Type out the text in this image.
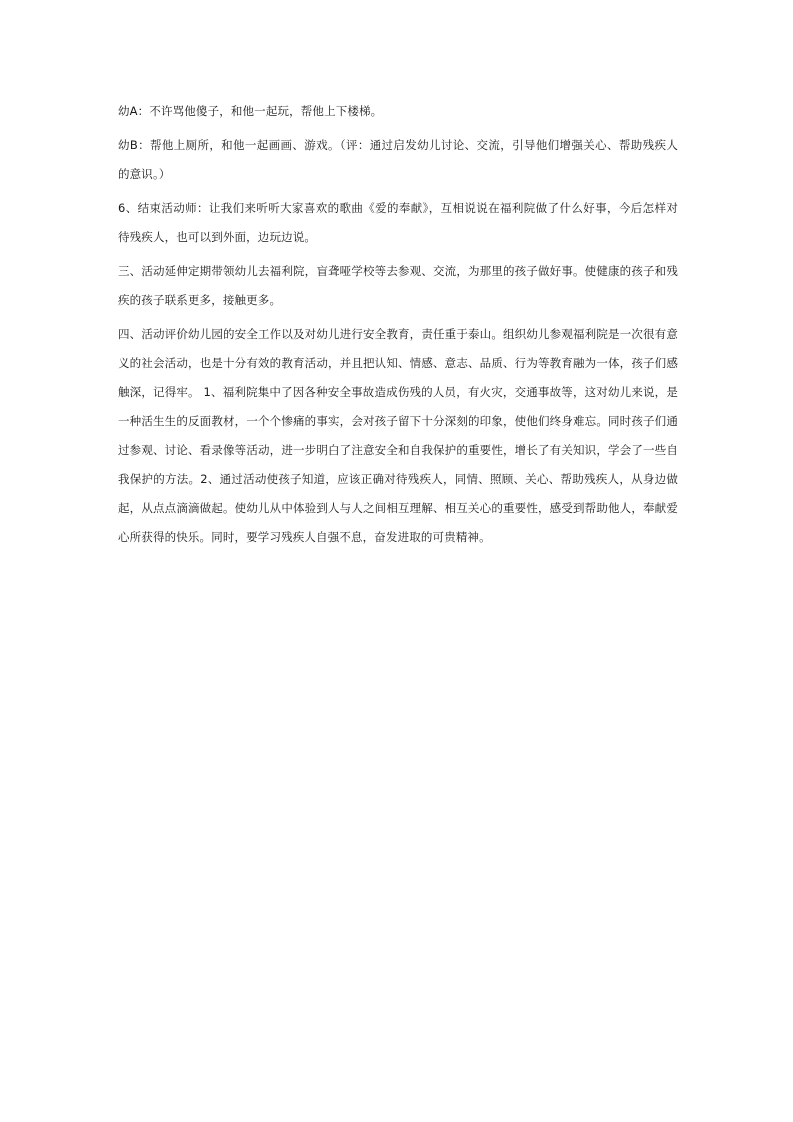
幼A：不许骂他傻子，和他一起玩，帮他上下楼梯。

幼B：帮他上厕所，和他一起画画、游戏。（评：通过启发幼儿讨论、交流，引导他们增强关心、帮助残疾人的意识。）

6、结束活动师：让我们来听听大家喜欢的歌曲《爱的奉献》，互相说说在福利院做了什么好事，今后怎样对待残疾人，也可以到外面，边玩边说。

三、活动延伸定期带领幼儿去福利院，盲聋哑学校等去参观、交流，为那里的孩子做好事。使健康的孩子和残疾的孩子联系更多，接触更多。

四、活动评价幼儿园的安全工作以及对幼儿进行安全教育，责任重于泰山。组织幼儿参观福利院是一次很有意义的社会活动，也是十分有效的教育活动，并且把认知、情感、意志、品质、行为等教育融为一体，孩子们感触深，记得牢。 1、福利院集中了因各种安全事故造成伤残的人员，有火灾，交通事故等，这对幼儿来说，是一种活生生的反面教材，一个个惨痛的事实，会对孩子留下十分深刻的印象，使他们终身难忘。同时孩子们通过参观、讨论、看录像等活动，进一步明白了注意安全和自我保护的重要性，增长了有关知识，学会了一些自我保护的方法。2、通过活动使孩子知道，应该正确对待残疾人，同情、照顾、关心、帮助残疾人，从身边做起，从点点滴滴做起。使幼儿从中体验到人与人之间相互理解、相互关心的重要性，感受到帮助他人，奉献爱心所获得的快乐。同时，要学习残疾人自强不息，奋发进取的可贵精神。
